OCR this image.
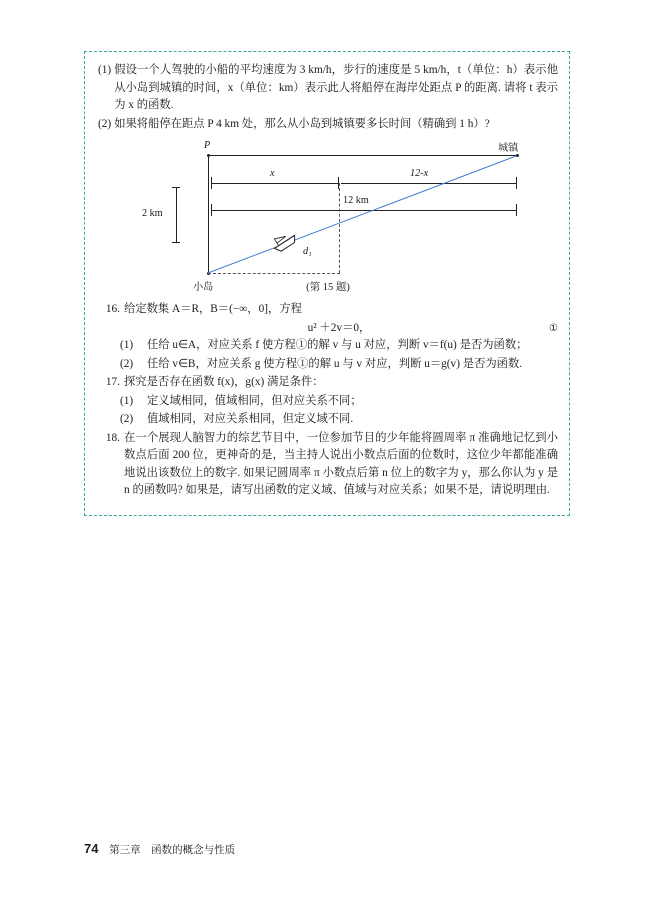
(1) 假设一个人驾驶的小船的平均速度为 3 km/h，步行的速度是 5 km/h，t（单位：h）表示他从小岛到城镇的时间，x（单位：km）表示此人将船停在海岸处距点 P 的距离. 请将 t 表示为 x 的函数.
(2) 如果将船停在距点 P 4 km 处，那么从小岛到城镇要多长时间（精确到 1 h）?
P	城镇
小岛
2 km
x	12-x
12 km
d₁
(第 15 题)
16. 给定数集 A＝R，B＝(−∞，0]，方程
u² ＋2v＝0，	①
(1)	任给 u∈A，对应关系 f 使方程①的解 v 与 u 对应，判断 v＝f(u) 是否为函数；
(2)	任给 v∈B，对应关系 g 使方程①的解 u 与 v 对应，判断 u＝g(v) 是否为函数.
17. 探究是否存在函数 f(x)，g(x) 满足条件：
(1)	定义域相同，值域相同，但对应关系不同；
(2)	值域相同，对应关系相同，但定义域不同.
18. 在一个展现人脑智力的综艺节目中，一位参加节目的少年能将圆周率 π 准确地记忆到小数点后面 200 位，更神奇的是，当主持人说出小数点后面的位数时，这位少年都能准确地说出该数位上的数字. 如果记圆周率 π 小数点后第 n 位上的数字为 y，那么你认为 y 是 n 的函数吗? 如果是，请写出函数的定义域、值域与对应关系；如果不是，请说明理由.
74 第三章　函数的概念与性质
